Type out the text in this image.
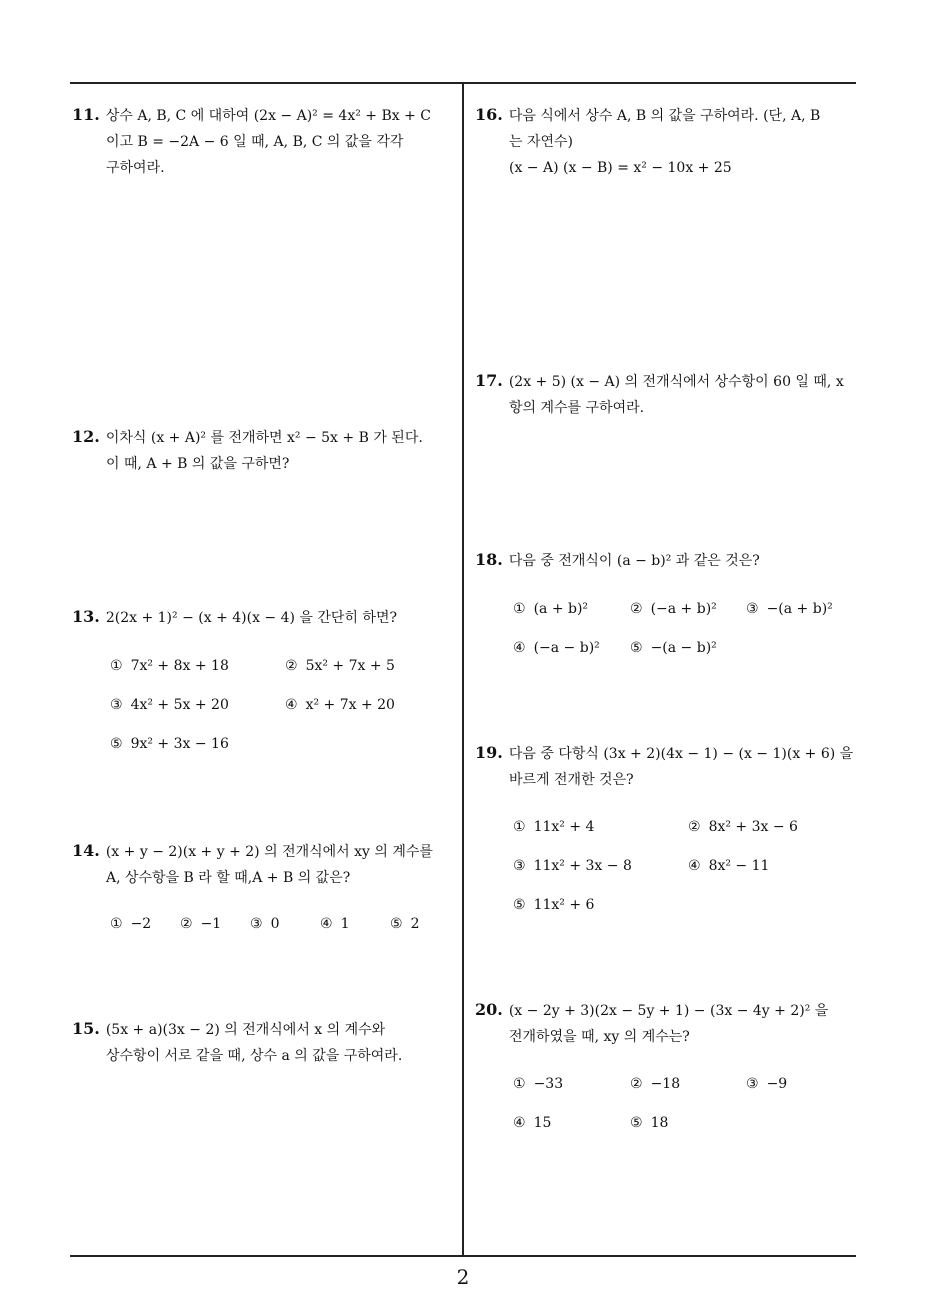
11. 상수 A, B, C 에 대하여 (2x − A)² = 4x² + Bx + C
이고 B = −2A − 6 일 때, A, B, C 의 값을 각각
구하여라.
12. 이차식 (x + A)² 를 전개하면 x² − 5x + B 가 된다.
이 때, A + B 의 값을 구하면?
13. 2(2x + 1)² − (x + 4)(x − 4) 을 간단히 하면?
① 7x² + 8x + 18	② 5x² + 7x + 5
③ 4x² + 5x + 20	④ x² + 7x + 20
⑤ 9x² + 3x − 16
14. (x + y − 2)(x + y + 2) 의 전개식에서 xy 의 계수를
A, 상수항을 B 라 할 때,A + B 의 값은?
① −2 ② −1 ③ 0	④ 1	⑤ 2
15. (5x + a)(3x − 2) 의 전개식에서 x 의 계수와
상수항이 서로 같을 때, 상수 a 의 값을 구하여라.
16. 다음 식에서 상수 A, B 의 값을 구하여라. (단, A, B
는 자연수)
(x − A) (x − B) = x² − 10x + 25
17. (2x + 5) (x − A) 의 전개식에서 상수항이 60 일 때, x
항의 계수를 구하여라.
18. 다음 중 전개식이 (a − b)² 과 같은 것은?
① (a + b)²	② (−a + b)² ③ −(a + b)²
④ (−a − b)² ⑤ −(a − b)²
19. 다음 중 다항식 (3x + 2)(4x − 1) − (x − 1)(x + 6) 을
바르게 전개한 것은?
① 11x² + 4	② 8x² + 3x − 6
③ 11x² + 3x − 8	④ 8x² − 11
⑤ 11x² + 6
20. (x − 2y + 3)(2x − 5y + 1) − (3x − 4y + 2)² 을
전개하였을 때, xy 의 계수는?
① −33	② −18	③ −9
④ 15	⑤ 18
2
